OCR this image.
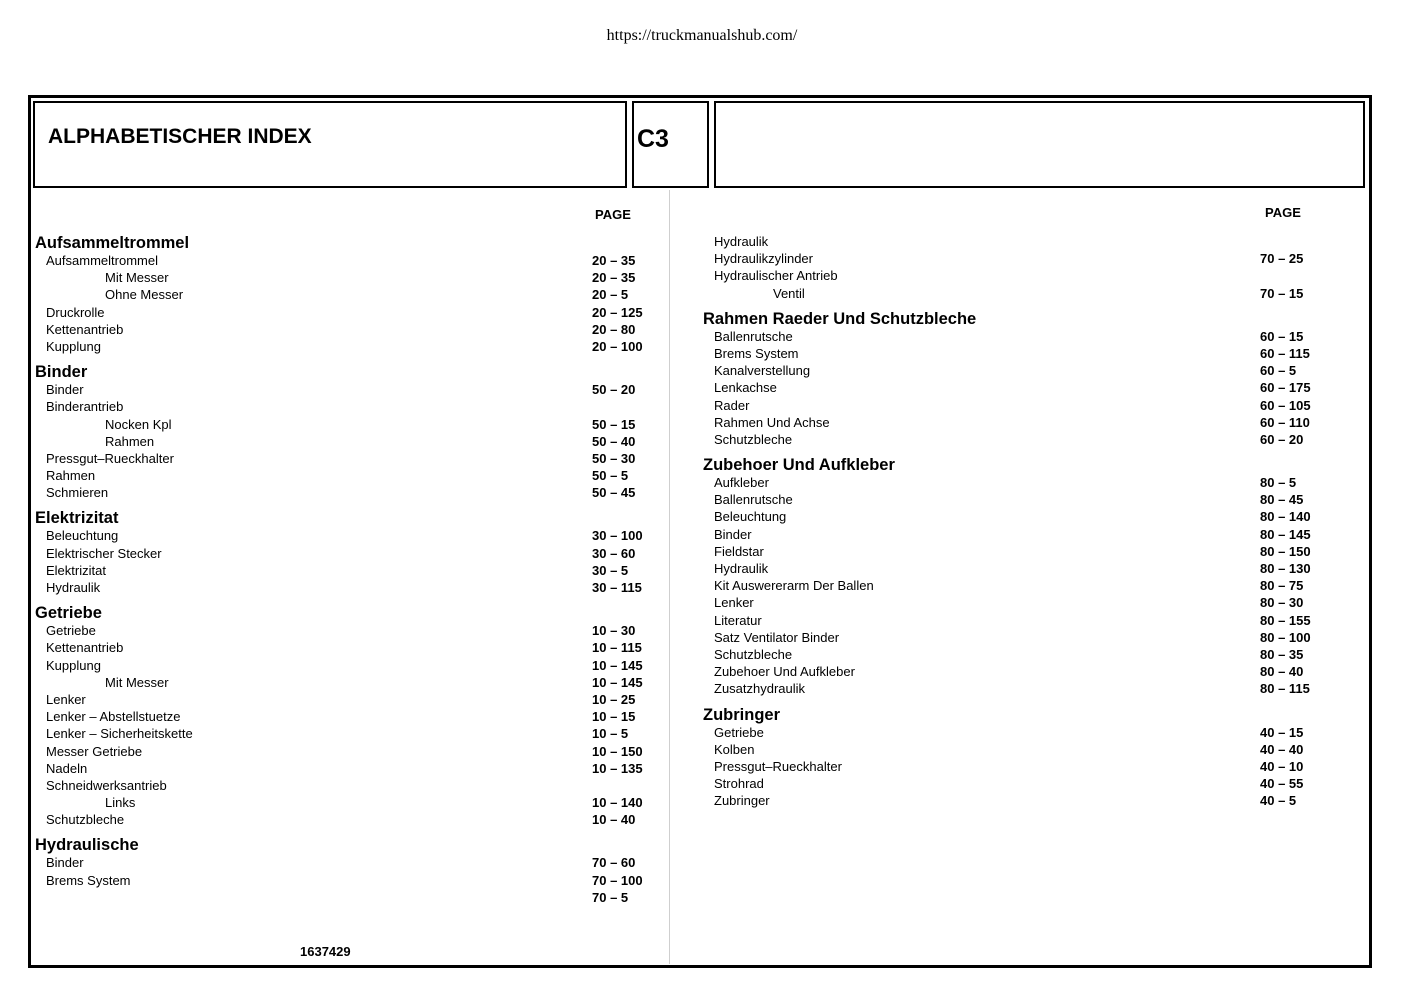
https://truckmanualshub.com/
ALPHABETISCHER INDEX	C3
PAGE	PAGE
Aufsammeltrommel
Aufsammeltrommel	20 – 35
Mit Messer	20 – 35
Ohne Messer	20 – 5
Druckrolle	20 – 125
Kettenantrieb	20 – 80
Kupplung	20 – 100
Binder
Binder	50 – 20
Binderantrieb
Nocken Kpl	50 – 15
Rahmen	50 – 40
Pressgut–Rueckhalter	50 – 30
Rahmen	50 – 5
Schmieren	50 – 45
Elektrizitat
Beleuchtung	30 – 100
Elektrischer Stecker	30 – 60
Elektrizitat	30 – 5
Hydraulik	30 – 115
Getriebe
Getriebe	10 – 30
Kettenantrieb	10 – 115
Kupplung	10 – 145
Mit Messer	10 – 145
Lenker	10 – 25
Lenker – Abstellstuetze	10 – 15
Lenker – Sicherheitskette	10 – 5
Messer Getriebe	10 – 150
Nadeln	10 – 135
Schneidwerksantrieb
Links	10 – 140
Schutzbleche	10 – 40
Hydraulische
Binder	70 – 60
Brems System	70 – 100
70 – 5
Hydraulik
Hydraulikzylinder	70 – 25
Hydraulischer Antrieb
Ventil	70 – 15
Rahmen Raeder Und Schutzbleche
Ballenrutsche	60 – 15
Brems System	60 – 115
Kanalverstellung	60 – 5
Lenkachse	60 – 175
Rader	60 – 105
Rahmen Und Achse	60 – 110
Schutzbleche	60 – 20
Zubehoer Und Aufkleber
Aufkleber	80 – 5
Ballenrutsche	80 – 45
Beleuchtung	80 – 140
Binder	80 – 145
Fieldstar	80 – 150
Hydraulik	80 – 130
Kit Auswererarm Der Ballen	80 – 75
Lenker	80 – 30
Literatur	80 – 155
Satz Ventilator Binder	80 – 100
Schutzbleche	80 – 35
Zubehoer Und Aufkleber	80 – 40
Zusatzhydraulik	80 – 115
Zubringer
Getriebe	40 – 15
Kolben	40 – 40
Pressgut–Rueckhalter	40 – 10
Strohrad	40 – 55
Zubringer	40 – 5
1637429
